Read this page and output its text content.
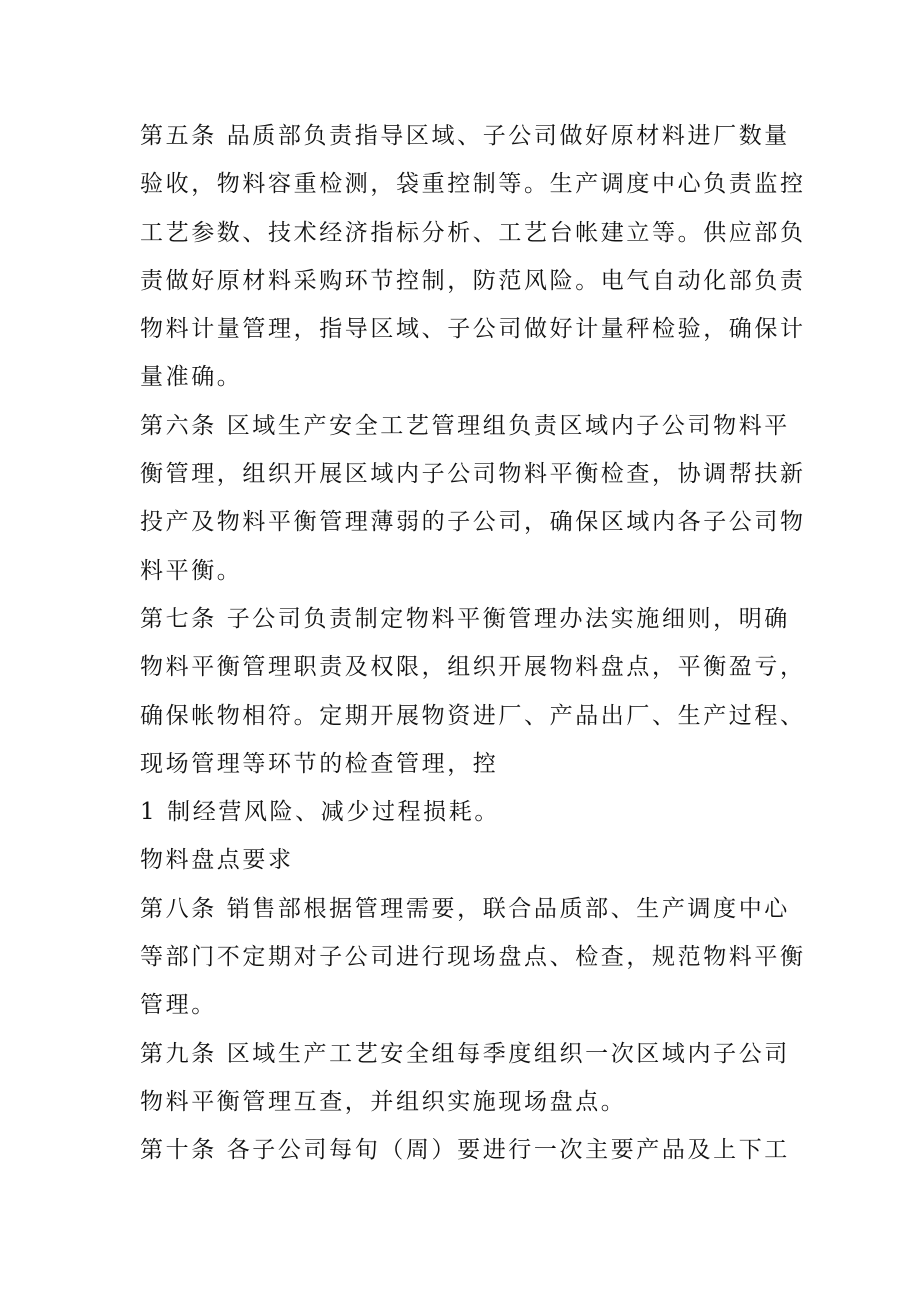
第五条 品质部负责指导区域、子公司做好原材料进厂数量
验收，物料容重检测，袋重控制等。生产调度中心负责监控
工艺参数、技术经济指标分析、工艺台帐建立等。供应部负
责做好原材料采购环节控制，防范风险。电气自动化部负责
物料计量管理，指导区域、子公司做好计量秤检验，确保计
量准确。
第六条 区域生产安全工艺管理组负责区域内子公司物料平
衡管理，组织开展区域内子公司物料平衡检查，协调帮扶新
投产及物料平衡管理薄弱的子公司，确保区域内各子公司物
料平衡。
第七条 子公司负责制定物料平衡管理办法实施细则，明确
物料平衡管理职责及权限，组织开展物料盘点，平衡盈亏，
确保帐物相符。定期开展物资进厂、产品出厂、生产过程、
现场管理等环节的检查管理，控
1 制经营风险、减少过程损耗。
物料盘点要求
第八条 销售部根据管理需要，联合品质部、生产调度中心
等部门不定期对子公司进行现场盘点、检查，规范物料平衡
管理。
第九条 区域生产工艺安全组每季度组织一次区域内子公司
物料平衡管理互查，并组织实施现场盘点。
第十条 各子公司每旬（周）要进行一次主要产品及上下工
